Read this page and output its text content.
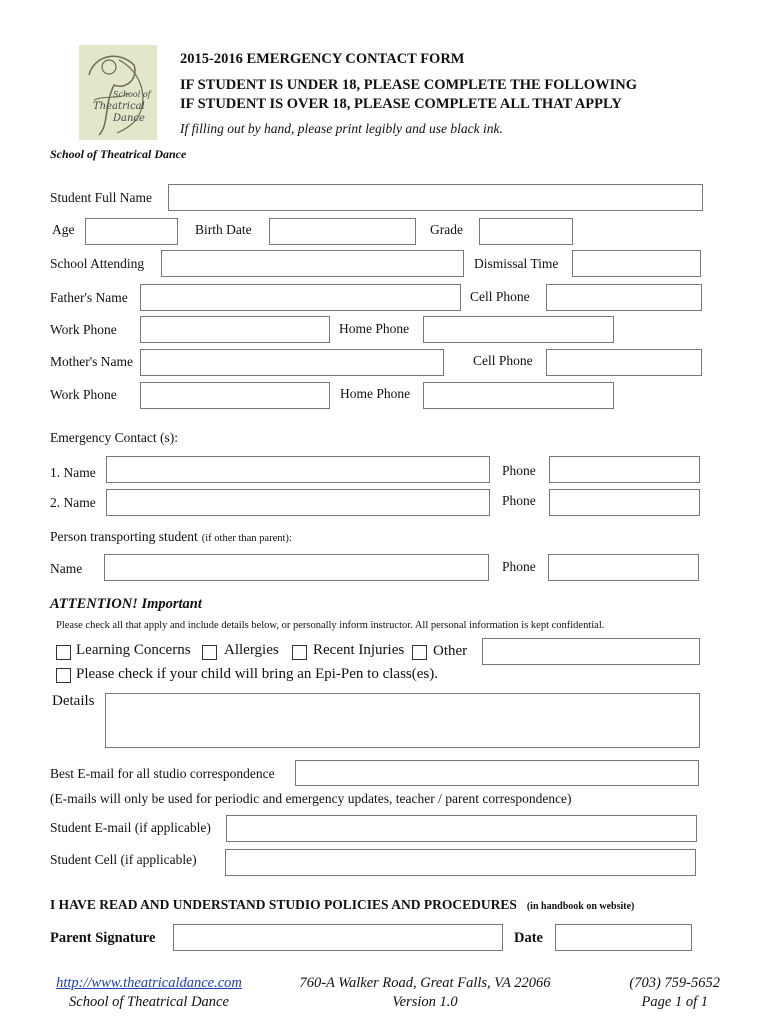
School of
Theatrical
Dance
2015-2016 EMERGENCY CONTACT FORM
IF STUDENT IS UNDER 18, PLEASE COMPLETE THE FOLLOWING
IF STUDENT IS OVER 18, PLEASE COMPLETE ALL THAT APPLY
If filling out by hand, please print legibly and use black ink.
School of Theatrical Dance
Student Full Name
Age	Birth Date	Grade
School Attending	Dismissal Time
Father's Name	Cell Phone
Work Phone	Home Phone
Mother's Name	Cell Phone
Work Phone	Home Phone
Emergency Contact (s):
1. Name	Phone
2. Name	Phone
Person transporting student (if other than parent):
Name	Phone
ATTENTION! Important
Please check all that apply and include details below, or personally inform instructor. All personal information is kept confidential.
Learning Concerns Allergies Recent Injuries Other
Please check if your child will bring an Epi-Pen to class(es).
Details
Best E-mail for all studio correspondence
(E-mails will only be used for periodic and emergency updates, teacher / parent correspondence)
Student E-mail (if applicable)
Student Cell (if applicable)
I HAVE READ AND UNDERSTAND STUDIO POLICIES AND PROCEDURES (in handbook on website)
Parent Signature	Date
http://www.theatricaldance.com
School of Theatrical Dance
760-A Walker Road, Great Falls, VA 22066
Version 1.0
(703) 759-5652
Page 1 of 1
